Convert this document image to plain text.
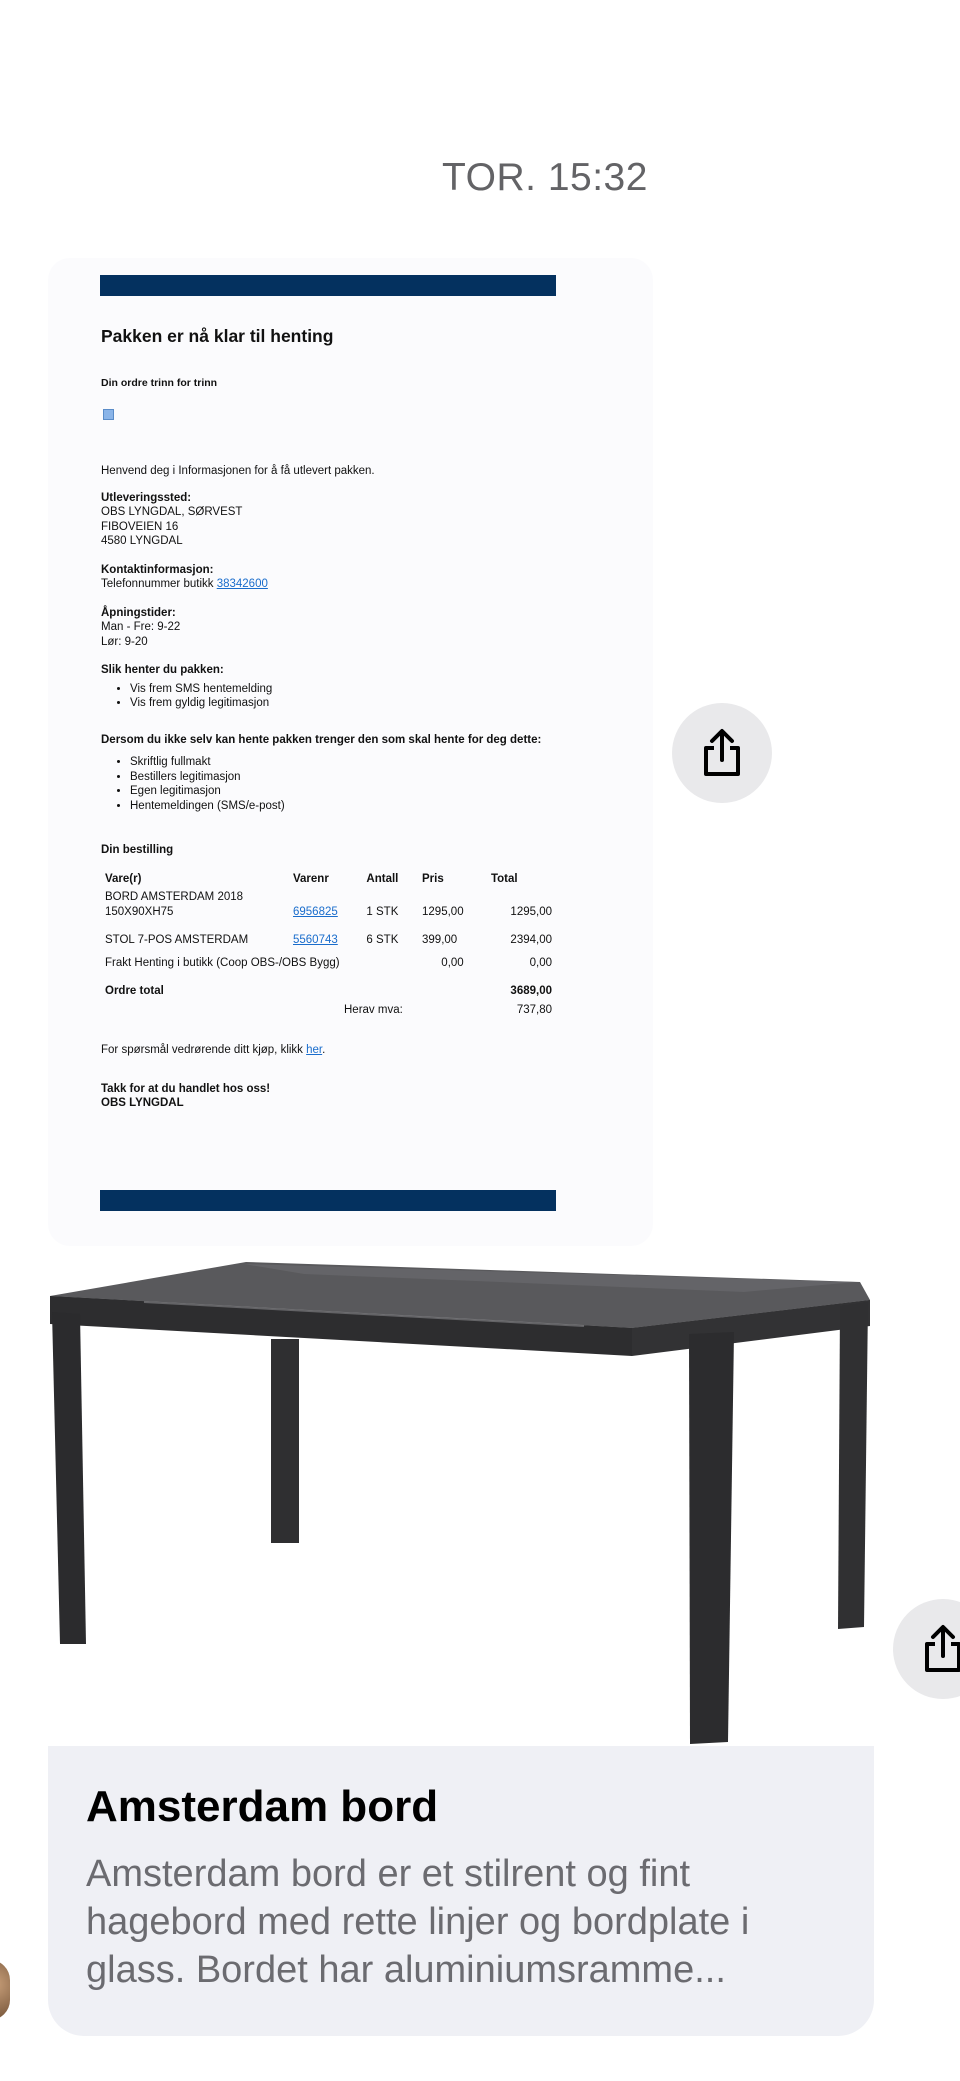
TOR. 15:32

Pakken er nå klar til henting

Din ordre trinn for trinn

Henvend deg i Informasjonen for å få utlevert pakken.

Utleveringssted:

OBS LYNGDAL, SØRVEST

FIBOVEIEN 16

4580 LYNGDAL

Kontaktinformasjon:

Telefonnummer butikk 38342600

Åpningstider:

Man - Fre: 9-22

Lør: 9-20

Slik henter du pakken:

• Vis frem SMS hentemelding
• Vis frem gyldig legitimasjon

Dersom du ikke selv kan hente pakken trenger den som skal hente for deg dette:

• Skriftlig fullmakt
• Bestillers legitimasjon
• Egen legitimasjon
• Hentemeldingen (SMS/e-post)

Din bestilling

Vare(r)	Varenr	Antall	Pris	Total
BORD AMSTERDAM 2018 150X90XH75	6956825	1 STK	1295,00	1295,00
STOL 7-POS AMSTERDAM	5560743	6 STK	399,00	2394,00
Frakt Henting i butikk (Coop OBS-/OBS Bygg)			0,00	0,00
Ordre total				3689,00
Herav mva:				737,80

For spørsmål vedrørende ditt kjøp, klikk her.

Takk for at du handlet hos oss!

OBS LYNGDAL

Amsterdam bord
Amsterdam bord er et stilrent og fint hagebord med rette linjer og bordplate i glass. Bordet har aluminiumsramme...
